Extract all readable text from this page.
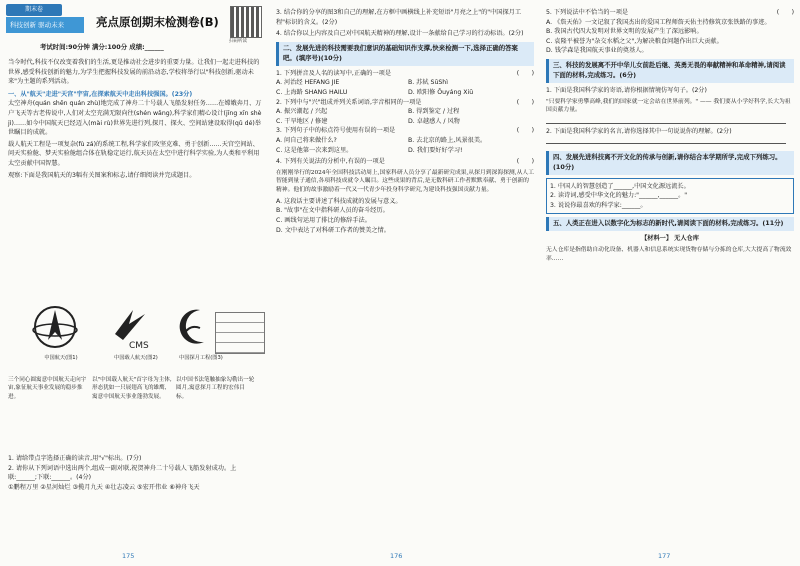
期末卷
科技创新 驱动未来	亮点原创期末检测卷(B)
扫码听读
考试时间:90分钟 满分:100分 成绩:______
当今时代,科技不仅改变着我们的生活,更是推动社会进步的重要力量。让我们一起走进科技的世界,感受科技创新的魅力,为学生把握科技发展的前沿动态,学校将举行以"科技创新,驱动未来"为主题的系列活动。
一、从"航天"走进"天宫"宇宙,在探索航天中走出科技强国。(23分)
太空神舟(quán shēn quán zhù)地完成了神舟二十号载人飞船发射任务……在嫦娥奔月、万户飞天等古老传说中,人们对太空充满无限向往(shén wǎng),科学家们精心设计(jīng xīn shè jì)……如今中国航天已经迈入(mài rù)世界先进行列,探月、探火、空间站建设取得(qǔ dé)举世瞩目的成就。
载人航天工程是一项复杂(fù zá)的系统工程,科学家们攻坚克难、勇于创新……天宫空间站、问天实验舱、梦天实验舱组合体在轨稳定运行,航天员在太空中进行科学实验,为人类和平利用太空贡献中国智慧。
观察:下面是我国航天的3幅有关图案和标志,请仔细阅读并完成题目。
中国航天(图1)
CMS
中国载人航天(图2)	中国探月工程(图3)
三个同心圆寓意中国航天走向宇宙,象征航天事业发展的稳步推进。以"中国载人航天"首字母为主体,形态犹如一只展翅高飞的雄鹰,寓意中国航天事业蓬勃发展。以中国书法笔触抽象勾勒出一轮圆月,寓意探月工程的宏伟目标。
1. 请给带点字选择正确的读音,用"√"标出。(7分)
2. 请你从下列词语中选出两个,组成一副对联,祝贺神舟二十号载人飞船发射成功。上联:______;下联:______。(4分)
①鹏程万里 ②星河灿烂 ③揽月九天 ④壮志凌云 ⑤宏开伟业 ⑥神舟飞天
175
3. 结合你的分享的图3和自己的理解,在方框中画横线上补充短语"月亮之上"的"中国探月工程"标识的含义。(2分)
4. 结合你以上内容及自己对中国航天精神的理解,设计一条献给自己学习的行动标语。(2分)
二、发展先进的科技需要我们意识的基础知识作支撑,快来检测一下,选择正确的答案吧。(填序号)(10分)
1. 下列拼音及人名的读写中,正确的一项是	(　　)
A. 河治经 HEFANG JIE	B. 苏轼 SūShì
C. 上海路 SHANG HAILU	D. 欧阳修 Ōuyáng Xiū
2. 下列中与"兴"组成并列关系词语,字音相同的一项是	(　　)
A. 振兴潮起 / 兴起	B. 得到鉴定 / 过程
C. 干旱地区 / 修建	D. 卓越感人 / 风物
3. 下列句子中的标点符号使用有误的一项是	(　　)
A. 问自己将来做什么?	B. 去北京的路上,风景很美。
C. 这是他第一次来到这里。	D. 我们要好好学习!
4. 下列有关说法的分析中,有误的一项是	(　　)
在刚刚举行的2024年全国科技活动周上,国家科研人员分享了最新研究成果,从探月到深海探测,从人工智能到量子通信,各项科技成就令人瞩目。这些成果的背后,是无数科研工作者默默奉献、勇于创新的精神。他们的故事激励着一代又一代青少年投身科学研究,为建设科技强国贡献力量。
A. 这段话主要讲述了科技成就的发展与意义。
B. "故事"在文中指科研人员的奋斗经历。
C. 画线句运用了排比的修辞手法。
D. 文中表达了对科研工作者的赞美之情。
176
5. 下列说法中不恰当的一项是	(　　)
A. 《詹天佑》一文记叙了我国杰出的爱国工程师詹天佑主持修筑京张铁路的事迹。
B. 我国古代四大发明对世界文明的发展产生了深远影响。
C. 袁隆平被誉为"杂交水稻之父",为解决粮食问题作出巨大贡献。
D. 钱学森是我国航天事业的奠基人。
三、科技的发展离不开中华儿女前赴后继、英勇无畏的奉献精神和革命精神,请阅读下面的材料,完成练习。(6分)
1. 下面是我国科学家的寄语,请你根据情境仿写句子。(2分)
"只要科学家勇攀高峰,我们的国家就一定会站在世界前列。" —— 我们要从小学好科学,长大为祖国贡献力量。
2. 下面是我国科学家的名言,请你选择其中一句说说你的理解。(2分)
四、发展先进科技离不开文化的传承与创新,请你结合本学期所学,完成下列练习。(10分)
1. 中国人的智慧创造了______,中国文化源远流长。
2. 读诗词,感受中华文化的魅力:"______,______。"
3. 说说你最喜欢的科学家:______。
五、人类正在进入以数字化为标志的新时代,请阅读下面的材料,完成练习。(11分)
【材料一】 无人仓库
无人仓库是指借助自动化设备、机器人和信息系统实现货物存储与分拣的仓库,大大提高了物流效率……
177
